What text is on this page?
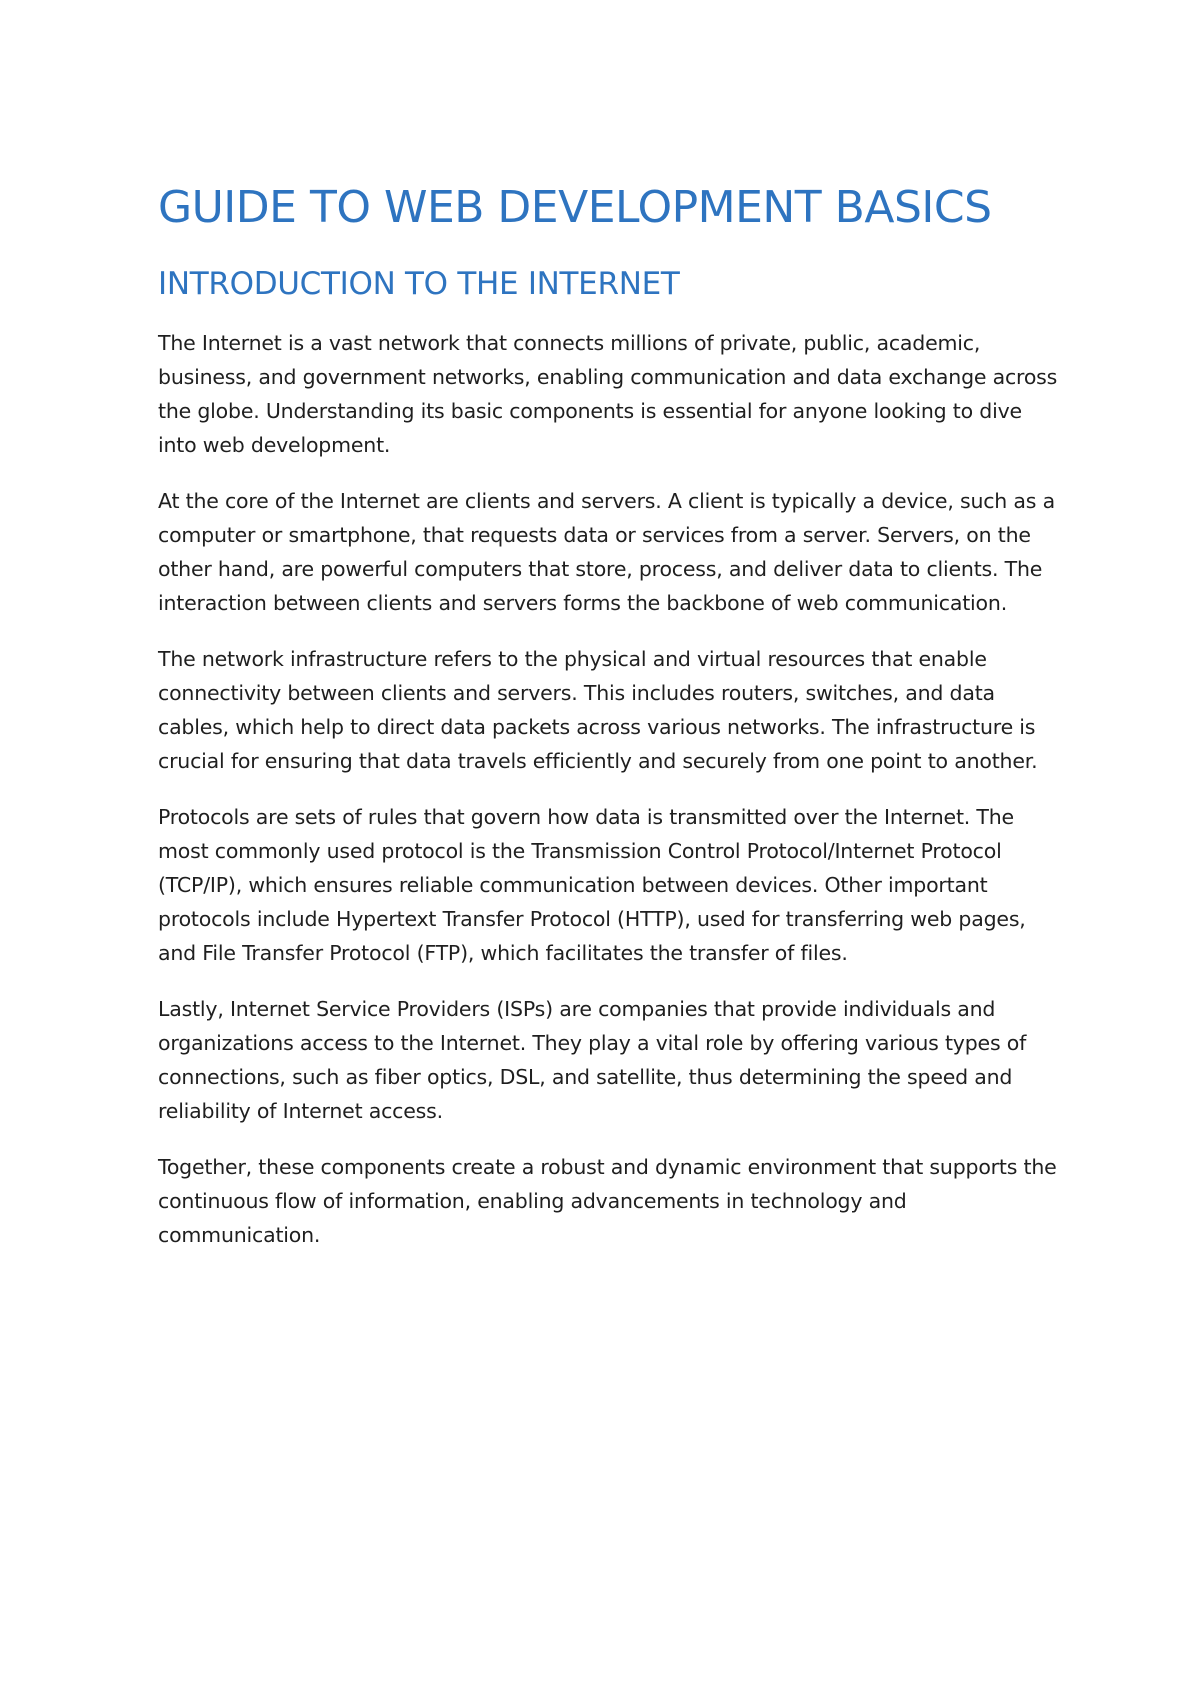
GUIDE TO WEB DEVELOPMENT BASICS
INTRODUCTION TO THE INTERNET

The Internet is a vast network that connects millions of private, public, academic, business, and government networks, enabling communication and data exchange across the globe. Understanding its basic components is essential for anyone looking to dive into web development.

At the core of the Internet are clients and servers. A client is typically a device, such as a computer or smartphone, that requests data or services from a server. Servers, on the other hand, are powerful computers that store, process, and deliver data to clients. The interaction between clients and servers forms the backbone of web communication.

The network infrastructure refers to the physical and virtual resources that enable connectivity between clients and servers. This includes routers, switches, and data cables, which help to direct data packets across various networks. The infrastructure is crucial for ensuring that data travels efficiently and securely from one point to another.

Protocols are sets of rules that govern how data is transmitted over the Internet. The most commonly used protocol is the Transmission Control Protocol/Internet Protocol (TCP/IP), which ensures reliable communication between devices. Other important protocols include Hypertext Transfer Protocol (HTTP), used for transferring web pages, and File Transfer Protocol (FTP), which facilitates the transfer of files.

Lastly, Internet Service Providers (ISPs) are companies that provide individuals and organizations access to the Internet. They play a vital role by offering various types of connections, such as fiber optics, DSL, and satellite, thus determining the speed and reliability of Internet access.

Together, these components create a robust and dynamic environment that supports the continuous flow of information, enabling advancements in technology and communication.
